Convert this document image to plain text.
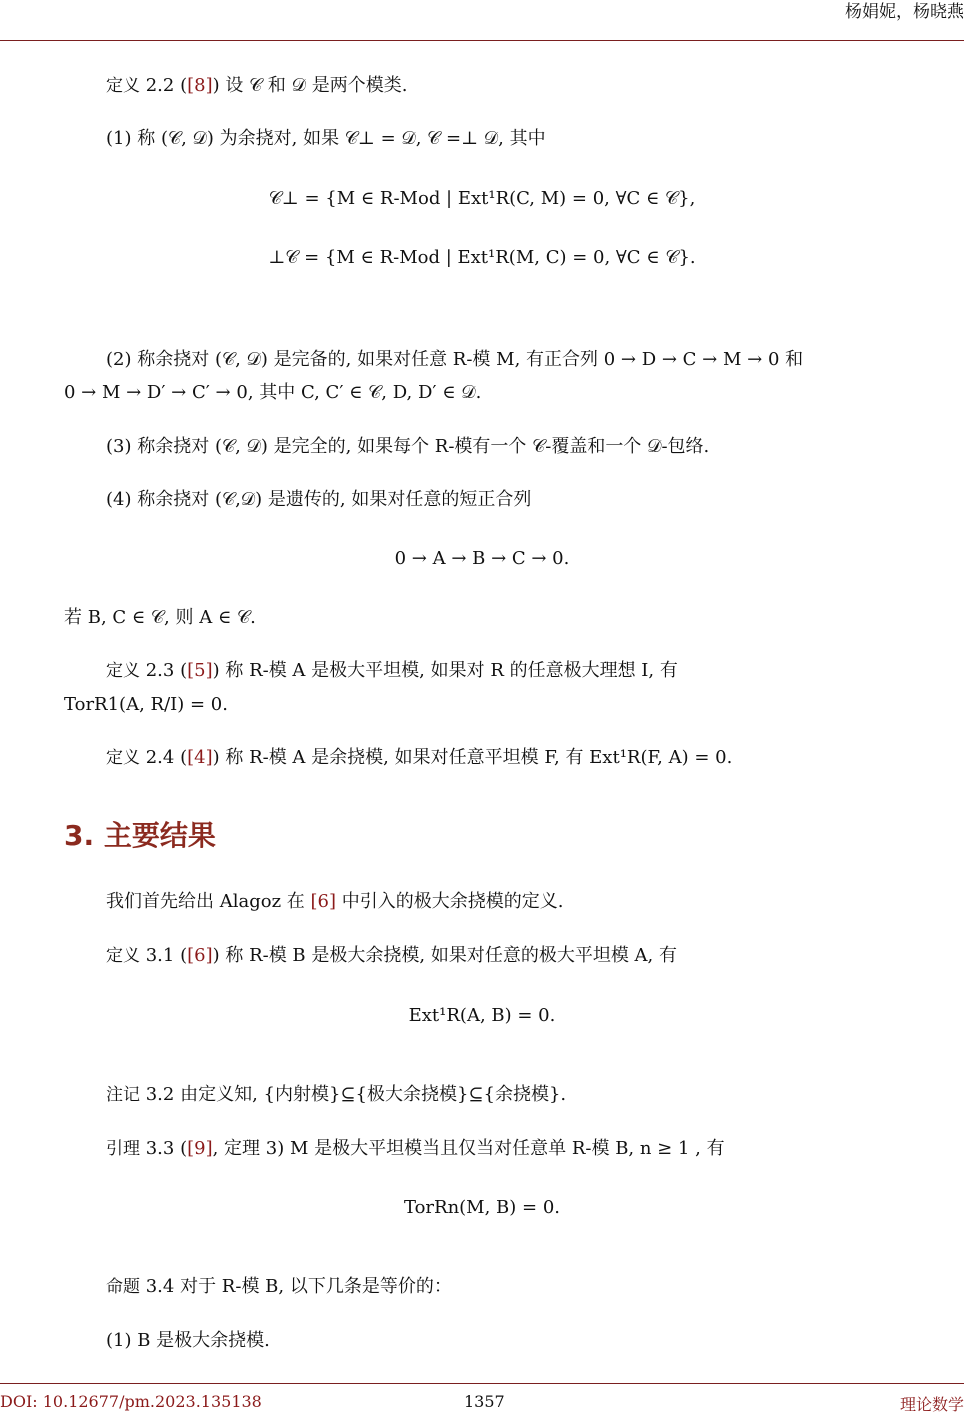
杨娟妮，杨晓燕
定义 2.2 ([8]) 设 𝒞 和 𝒟 是两个模类.
(1) 称 (𝒞, 𝒟) 为余挠对, 如果 𝒞⊥ = 𝒟, 𝒞 =⊥ 𝒟, 其中
𝒞⊥ = {M ∈ R-Mod | Ext¹R(C, M) = 0, ∀C ∈ 𝒞},
⊥𝒞 = {M ∈ R-Mod | Ext¹R(M, C) = 0, ∀C ∈ 𝒞}.
(2) 称余挠对 (𝒞, 𝒟) 是完备的, 如果对任意 R-模 M, 有正合列 0 → D → C → M → 0 和
0 → M → D′ → C′ → 0, 其中 C, C′ ∈ 𝒞, D, D′ ∈ 𝒟.
(3) 称余挠对 (𝒞, 𝒟) 是完全的, 如果每个 R-模有一个 𝒞-覆盖和一个 𝒟-包络.
(4) 称余挠对 (𝒞,𝒟) 是遗传的, 如果对任意的短正合列
0 → A → B → C → 0.
若 B, C ∈ 𝒞, 则 A ∈ 𝒞.
定义 2.3 ([5]) 称 R-模 A 是极大平坦模, 如果对 R 的任意极大理想 I, 有
TorR1(A, R/I) = 0.
定义 2.4 ([4]) 称 R-模 A 是余挠模, 如果对任意平坦模 F, 有 Ext¹R(F, A) = 0.
3. 主要结果
我们首先给出 Alagoz 在 [6] 中引入的极大余挠模的定义.
定义 3.1 ([6]) 称 R-模 B 是极大余挠模, 如果对任意的极大平坦模 A, 有
Ext¹R(A, B) = 0.
注记 3.2 由定义知, {内射模}⊆{极大余挠模}⊆{余挠模}.
引理 3.3 ([9], 定理 3) M 是极大平坦模当且仅当对任意单 R-模 B, n ≥ 1 , 有
TorRn(M, B) = 0.
命题 3.4 对于 R-模 B, 以下几条是等价的：
(1) B 是极大余挠模.
DOI: 10.12677/pm.2023.135138	1357	理论数学
